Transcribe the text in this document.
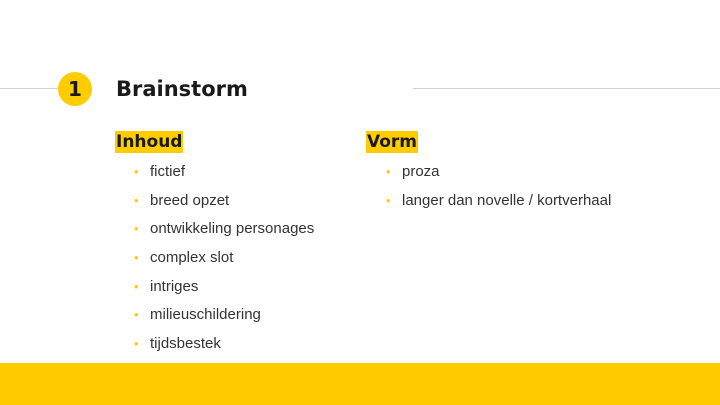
1 Brainstorm
Inhoud
• fictief
• breed opzet
• ontwikkeling personages
• complex slot
• intriges
• milieuschildering
• tijdsbestek
Vorm
• proza
• langer dan novelle / kortverhaal
